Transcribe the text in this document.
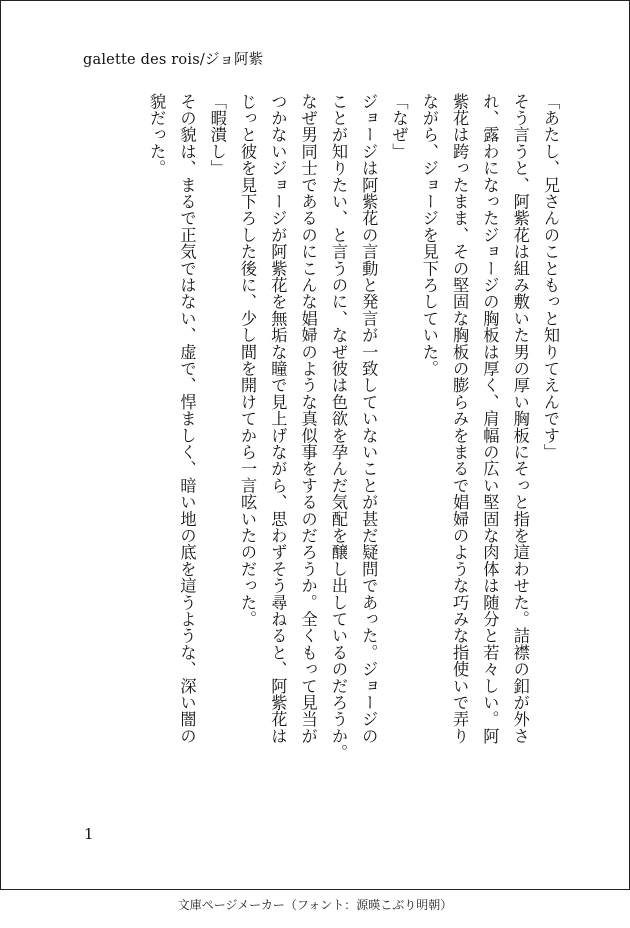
galette des rois/ジョ阿紫

「あたし、兄さんのこともっと知りてえんです」

そう言うと、阿紫花は組み敷いた男の厚い胸板にそっと指を這わせた。詰襟の釦が外さ

れ、露わになったジョージの胸板は厚く、肩幅の広い堅固な肉体は随分と若々しい。阿

紫花は跨ったまま、その堅固な胸板の膨らみをまるで娼婦のような巧みな指使いで弄り

ながら、ジョージを見下ろしていた。

「なぜ」

ジョージは阿紫花の言動と発言が一致していないことが甚だ疑問であった。ジョージの

ことが知りたい、と言うのに、なぜ彼は色欲を孕んだ気配を醸し出しているのだろうか。

なぜ男同士であるのにこんな娼婦のような真似事をするのだろうか。全くもって見当が

つかないジョージが阿紫花を無垢な瞳で見上げながら、思わずそう尋ねると、阿紫花は

じっと彼を見下ろした後に、少し間を開けてから一言呟いたのだった。

「暇潰し」

その貌は、まるで正気ではない、虚で、悍ましく、暗い地の底を這うような、深い闇の

貌だった。

1
文庫ページメーカー（フォント：源暎こぶり明朝）
